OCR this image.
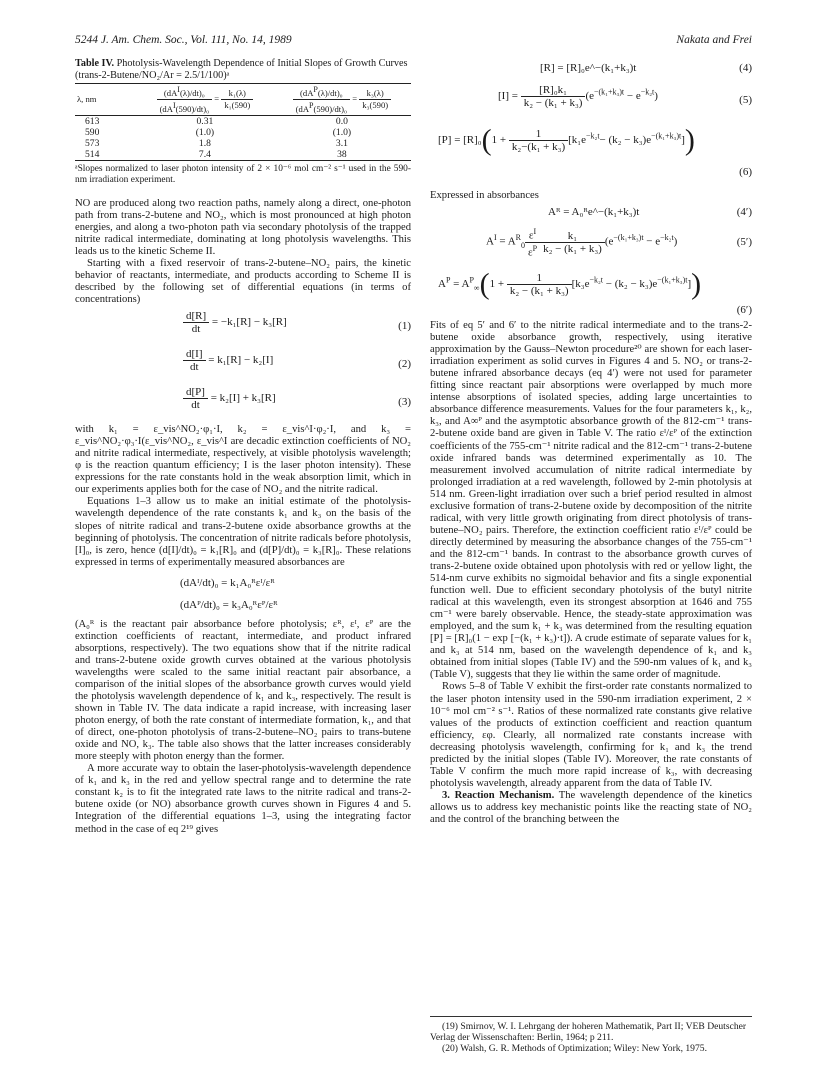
5244 J. Am. Chem. Soc., Vol. 111, No. 14, 1989	Nakata and Frei
Table IV. Photolysis-Wavelength Dependence of Initial Slopes of Growth Curves (trans-2-Butene/NO₂/Ar = 2.5/1/100)ᵃ
λ, nm	$\frac{(dA^I(\lambda)/dt)_0}{(dA^I(590)/dt)_0} = \frac{\text{k₁(λ)}}{\text{k₁(590)}}$	$\frac{(dA^P(\lambda)/dt)_0}{(dA^P(590)/dt)_0} = \frac{\text{k₃(λ)}}{\text{k₃(590)}}$

613	0.31	0.0
590	(1.0)	(1.0)
573	1.8	3.1
514	7.4	38
ᵃSlopes normalized to laser photon intensity of 2 × 10⁻⁶ mol cm⁻² s⁻¹ used in the 590-nm irradiation experiment.

NO are produced along two reaction paths, namely along a direct, one-photon path from trans-2-butene and NO₂, which is most pronounced at high photon energies, and along a two-photon path via secondary photolysis of the trapped nitrite radical intermediate, dominating at long photolysis wavelengths. This leads us to the kinetic Scheme II.

Starting with a fixed reservoir of trans-2-butene–NO₂ pairs, the kinetic behavior of reactants, intermediate, and products according to Scheme II is described by the following set of differential equations (in terms of concentrations)

$\frac{d[R]}{dt} = -k_1[R] - k_3[R]$	(1)
$\frac{d[I]}{dt} = k_1[R] - k_2[I]$	(2)
$\frac{d[P]}{dt} = k_2[I] + k_3[R]$	(3)

with k₁ = ε_vis^NO₂·φ₁·I, k₂ = ε_vis^I·φ₂·I, and k₃ = ε_vis^NO₂·φ₃·I(ε_vis^NO₂, ε_vis^I are decadic extinction coefficients of NO₂ and nitrite radical intermediate, respectively, at visible photolysis wavelength; φ is the reaction quantum efficiency; I is the laser photon intensity). These expressions for the rate constants hold in the weak absorption limit, which in our experiments applies both for the case of NO₂ and the nitrite radical.

Equations 1–3 allow us to make an initial estimate of the photolysis-wavelength dependence of the rate constants k₁ and k₃ on the basis of the slopes of nitrite radical and trans-2-butene oxide absorbance growths at the beginning of photolysis. The concentration of nitrite radicals before photolysis, [I]₀, is zero, hence (d[I]/dt)₀ = k₁[R]₀ and (d[P]/dt)₀ = k₃[R]₀. These relations expressed in terms of experimentally measured absorbances are

(dAᴵ/dt)₀ = k₁A₀ᴿεᴵ/εᴿ
(dAᴾ/dt)₀ = k₃A₀ᴿεᴾ/εᴿ

(A₀ᴿ is the reactant pair absorbance before photolysis; εᴿ, εᴵ, εᴾ are the extinction coefficients of reactant, intermediate, and product infrared absorptions, respectively). The two equations show that if the nitrite radical and trans-2-butene oxide growth curves obtained at the various photolysis wavelengths were scaled to the same initial reactant pair absorbance, a comparison of the initial slopes of the absorbance growth curves would yield the photolysis wavelength dependence of k₁ and k₃, respectively. The result is shown in Table IV. The data indicate a rapid increase, with increasing laser photon energy, of both the rate constant of intermediate formation, k₁, and that of direct, one-photon photolysis of trans-2-butene–NO₂ pairs to trans-butene oxide and NO, k₃. The table also shows that the latter increases considerably more steeply with photon energy than the former.

A more accurate way to obtain the laser-photolysis-wavelength dependence of k₁ and k₃ in the red and yellow spectral range and to determine the rate constant k₂ is to fit the integrated rate laws to the nitrite radical and trans-2-butene oxide (or NO) absorbance growth curves shown in Figures 4 and 5. Integration of the differential equations 1–3, using the integrating factor method in the case of eq 2¹⁹ gives

[R] = [R]₀e^−(k₁+k₃)t	(4)
$[I] = \frac{\text{[R]₀k₁}}{\text{k₂ − (k₁ + k₃)}} (e^{-(k_1+k_3)t} - e^{-k_2t})$	(5)
$[P] = [R]_0(1 + \frac{1}{\text{k₂−(k₁ + k₃)}} [k_1e^{-k_2t}- (k_2 - k_3)e^{-(k_1+k_3)t}])$
(6)

Expressed in absorbances

Aᴿ = A₀ᴿe^−(k₁+k₃)t	(4′)
$A^I = A^R_0 \frac{\varepsilon^I}{\varepsilon^P} \frac{\text{k₁}}{\text{k₂ − (k₁ + k₃)}} (e^{-(k_1+k_3)t} - e^{-k_2t})$	(5′)
$A^P = A^P_\infty(1 + \frac{1}{\text{k₂ − (k₁ + k₃)}} [k_3e^{-k_2t} - (k_2 - k_3)e^{-(k_1+k_3)t}])$
(6′)

Fits of eq 5′ and 6′ to the nitrite radical intermediate and to the trans-2-butene oxide absorbance growth, respectively, using iterative approximation by the Gauss–Newton procedure²⁰ are shown for each laser-irradiation experiment as solid curves in Figures 4 and 5. NO₂ or trans-2-butene infrared absorbance decays (eq 4′) were not used for parameter fitting since reactant pair absorptions were overlapped by much more intense absorptions of isolated species, adding large uncertainties to absorbance difference measurements. Values for the four parameters k₁, k₂, k₃, and A∞ᴾ and the asymptotic absorbance growth of the 812-cm⁻¹ trans-2-butene oxide band are given in Table V. The ratio εᴵ/εᴾ of the extinction coefficients of the 755-cm⁻¹ nitrite radical and the 812-cm⁻¹ trans-2-butene oxide infrared bands was determined experimentally as 10. The measurement involved accumulation of nitrite radical intermediate by prolonged irradiation at a red wavelength, followed by 2-min photolysis at 514 nm. Green-light irradiation over such a brief period resulted in almost exclusive formation of trans-2-butene oxide by decomposition of the nitrite radical, with very little growth originating from direct photolysis of trans-butene–NO₂ pairs. Therefore, the extinction coefficient ratio εᴵ/εᴾ could be directly determined by measuring the absorbance changes of the 755-cm⁻¹ and the 812-cm⁻¹ bands. In contrast to the absorbance growth curves of trans-2-butene oxide obtained upon photolysis with red or yellow light, the 514-nm curve exhibits no sigmoidal behavior and fits a single exponential function well. Due to efficient secondary photolysis of the butyl nitrite radical at this wavelength, even its strongest absorption at 1646 and 755 cm⁻¹ were barely observable. Hence, the steady-state approximation was employed, and the sum k₁ + k₃ was determined from the resulting equation [P] = [R]₀(1 − exp [−(k₁ + k₃)·t]). A crude estimate of separate values for k₁ and k₃ at 514 nm, based on the wavelength dependence of k₁ and k₃ obtained from initial slopes (Table IV) and the 590-nm values of k₁ and k₃ (Table V), suggests that they lie within the same order of magnitude.

Rows 5–8 of Table V exhibit the first-order rate constants normalized to the laser photon intensity used in the 590-nm irradiation experiment, 2 × 10⁻⁶ mol cm⁻² s⁻¹. Ratios of these normalized rate constants give relative values of the products of extinction coefficient and reaction quantum efficiency, εφ. Clearly, all normalized rate constants increase with decreasing photolysis wavelength, confirming for k₁ and k₃ the trend predicted by the initial slopes (Table IV). Moreover, the rate constants of Table V confirm the much more rapid increase of k₃, with decreasing photolysis wavelength, already apparent from the data of Table IV.

3. Reaction Mechanism. The wavelength dependence of the kinetics allows us to address key mechanistic points like the reacting state of NO₂ and the control of the branching between the

(19) Smirnov, W. I. Lehrgang der hoheren Mathematik, Part II; VEB Deutscher Verlag der Wissenschaften: Berlin, 1964; p 211.
(20) Walsh, G. R. Methods of Optimization; Wiley: New York, 1975.
